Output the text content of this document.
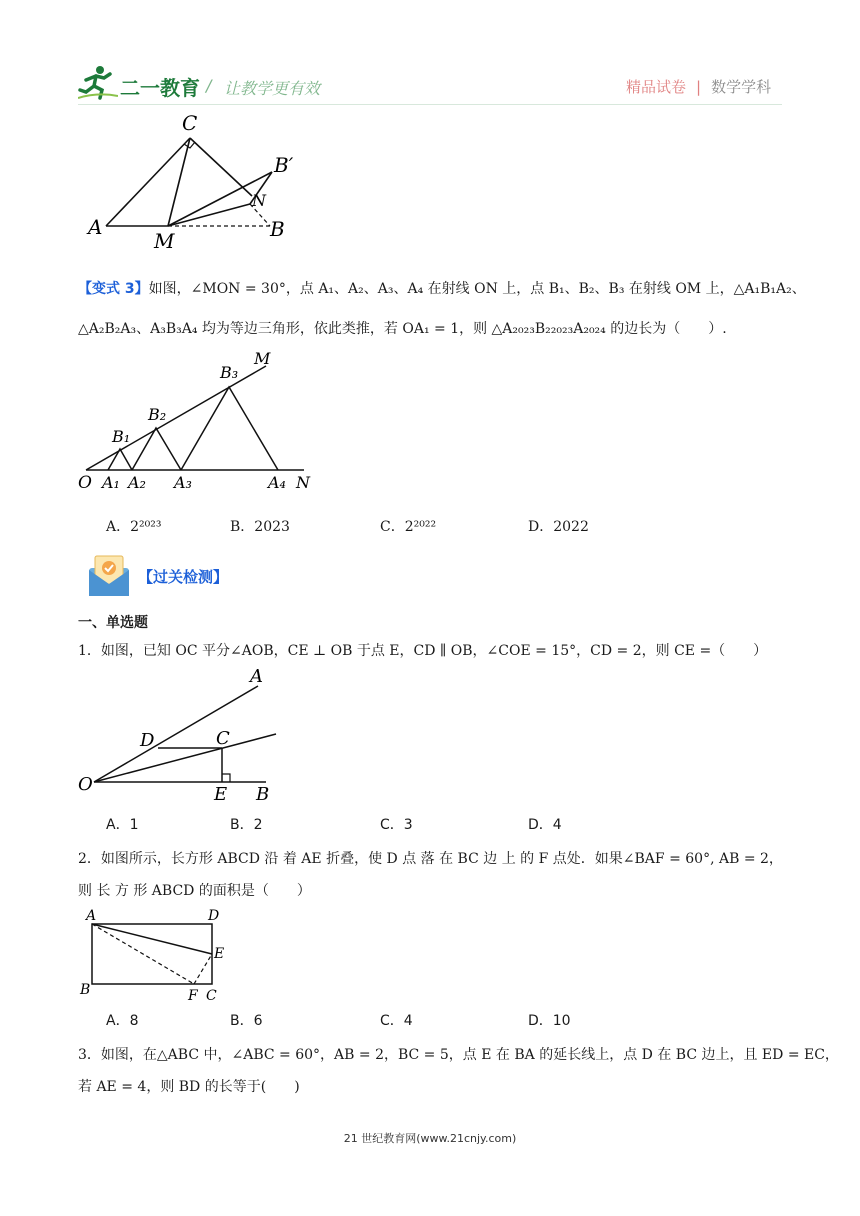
二一教育 / 让教学更有效	精品试卷 | 数学学科
C
B′
N
A
M	B
【变式 3】如图，∠MON = 30°，点 A₁、A₂、A₃、A₄ 在射线 ON 上，点 B₁、B₂、B₃ 在射线 OM 上，△A₁B₁A₂、
△A₂B₂A₃、A₃B₃A₄ 均为等边三角形，依此类推，若 OA₁ = 1，则 △A₂₀₂₃B₂₂₀₂₃A₂₀₂₄ 的边长为（　　）.
M
B₃
B₂
B₁
O A₁ A₂ A₃	A₄ N
A．2²⁰²³	B．2023	C．2²⁰²²	D．2022
【过关检测】
一、单选题
1．如图，已知 OC 平分∠AOB，CE ⊥ OB 于点 E，CD ∥ OB，∠COE = 15°，CD = 2，则 CE =（　　）
A
D	C
O	E B
A．1	B．2	C．3	D．4
2．如图所示，长方形 ABCD 沿 着 AE 折叠，使 D 点 落 在 BC 边 上 的 F 点处．如果∠BAF = 60°, AB = 2，
则 长 方 形 ABCD 的面积是（　　）
A	D
E
B	F C
A．8	B．6	C．4	D．10
3．如图，在△ABC 中，∠ABC = 60°，AB = 2，BC = 5，点 E 在 BA 的延长线上，点 D 在 BC 边上，且 ED = EC，
若 AE = 4，则 BD 的长等于(　　)
21 世纪教育网(www.21cnjy.com)
